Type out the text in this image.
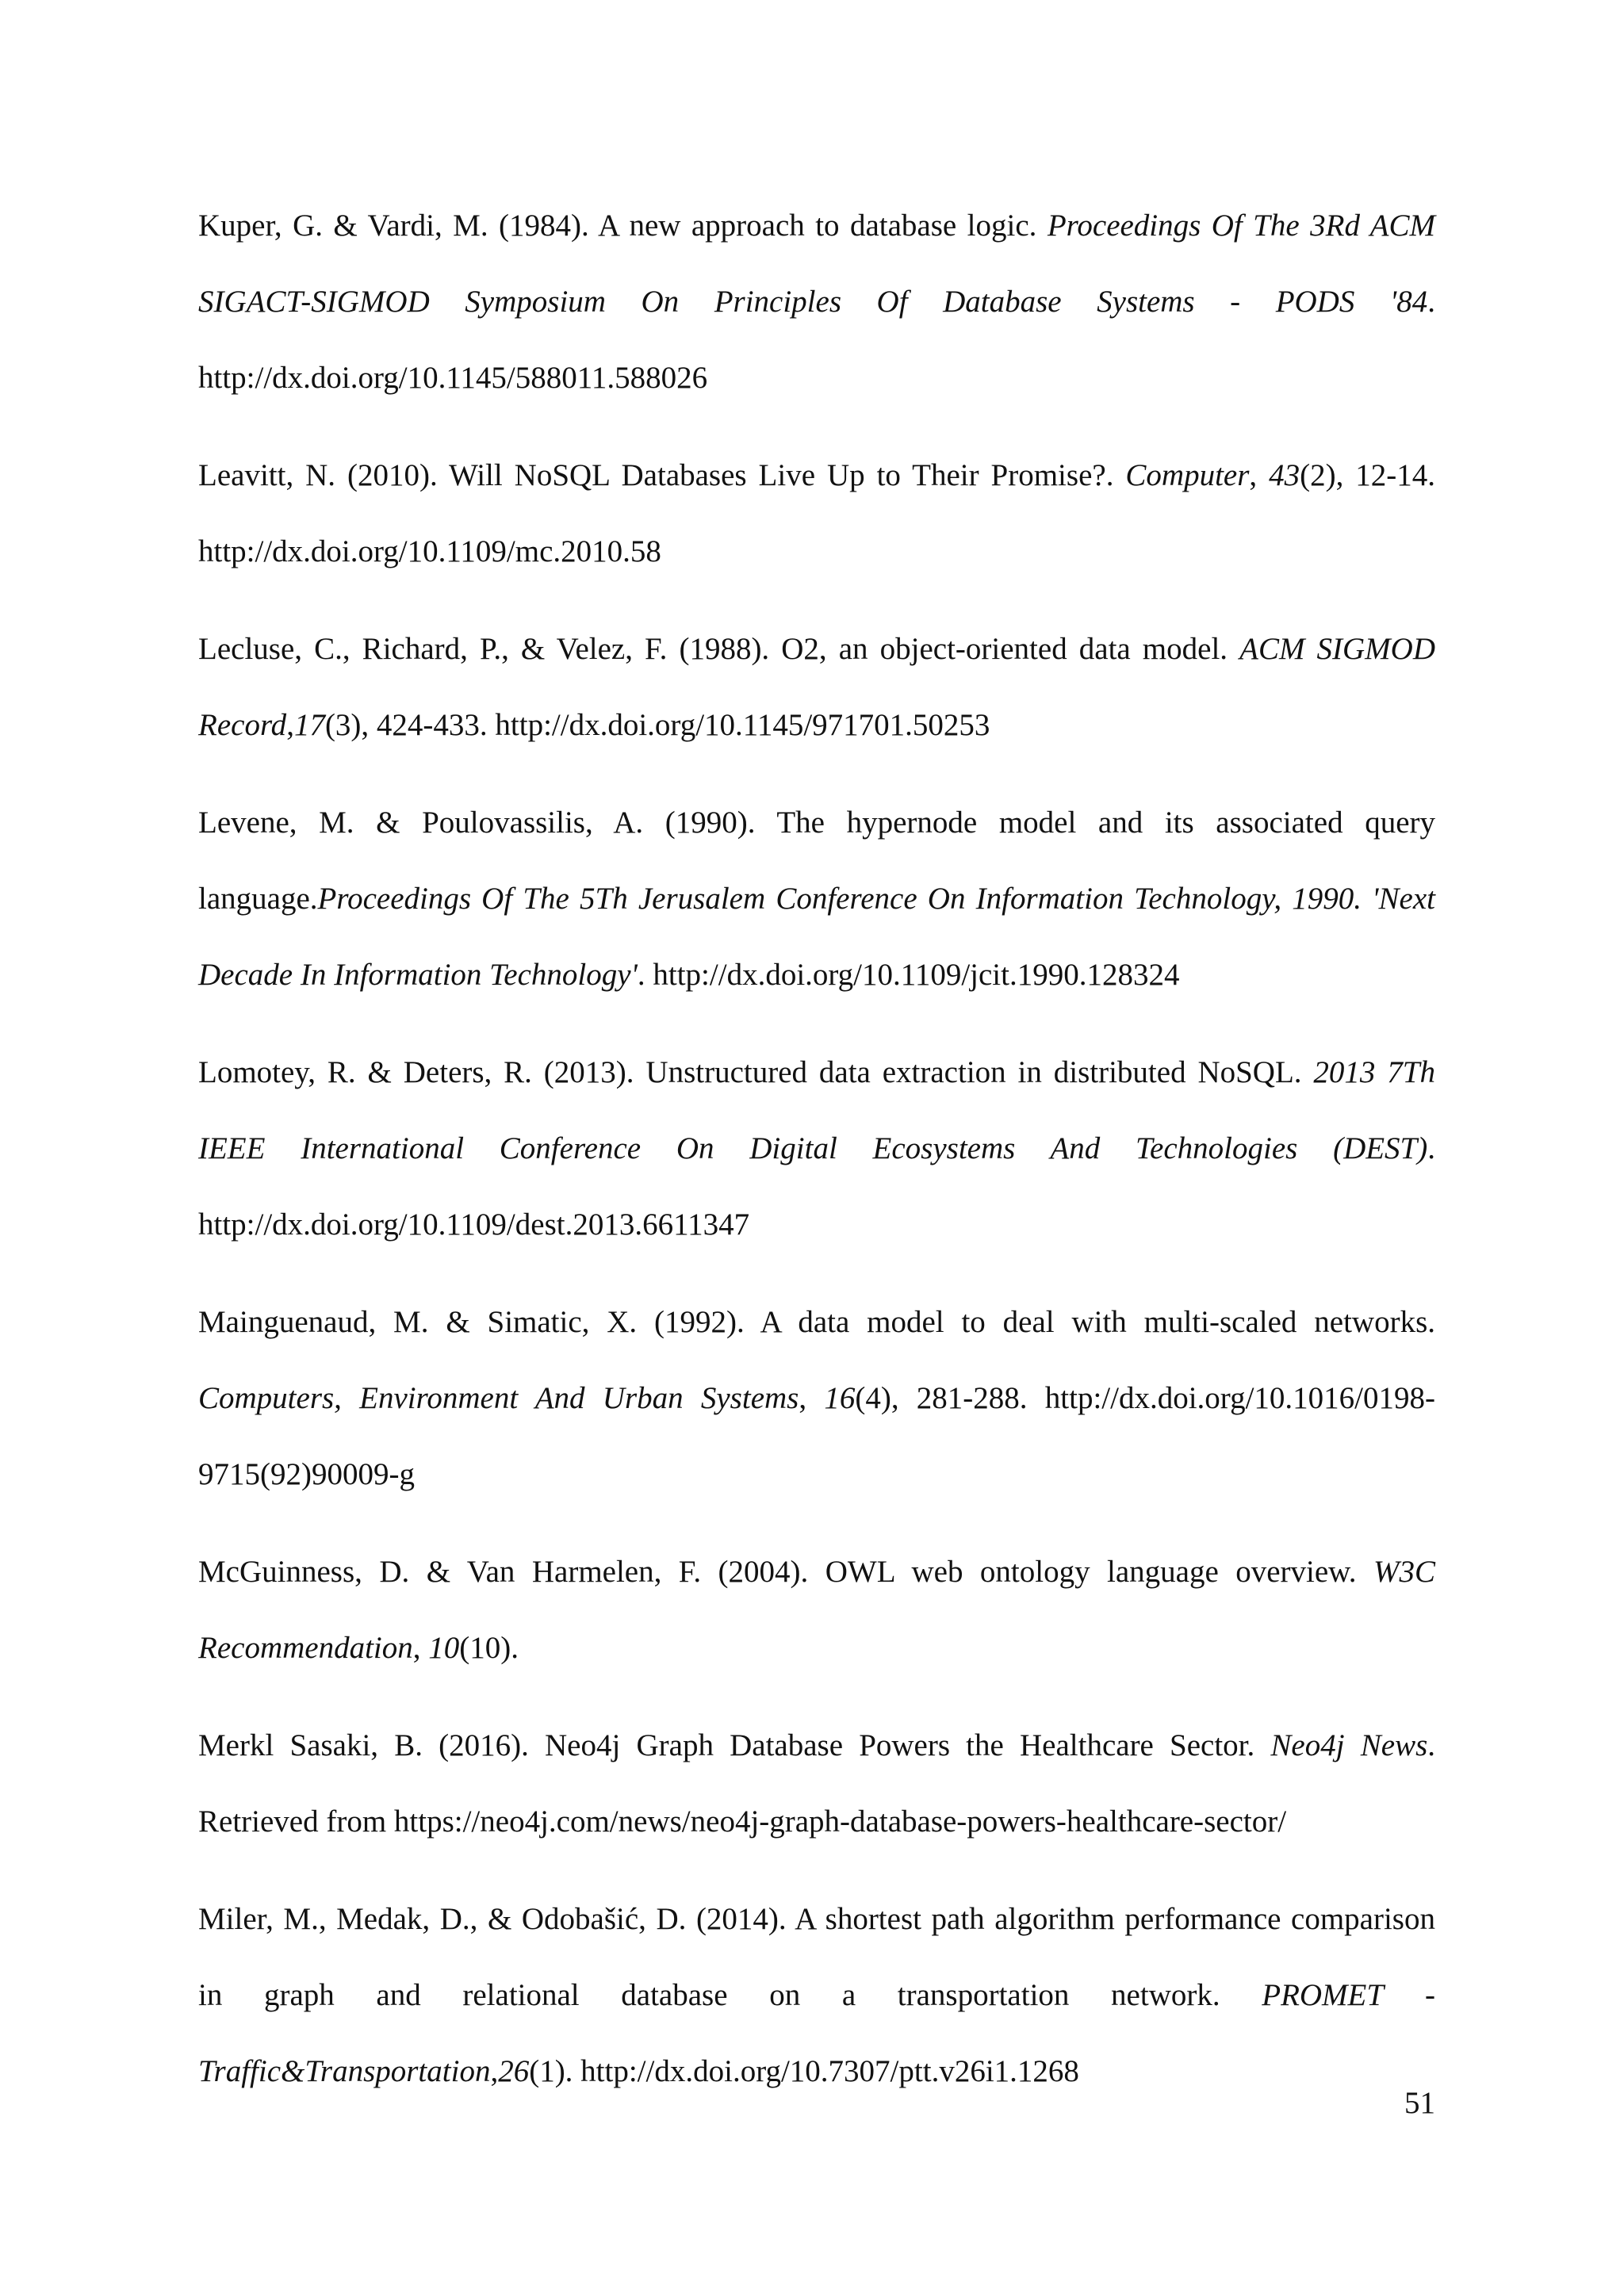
Kuper, G. & Vardi, M. (1984). A new approach to database logic. Proceedings Of The 3Rd ACM SIGACT-SIGMOD Symposium On Principles Of Database Systems - PODS '84. http://dx.doi.org/10.1145/588011.588026

Leavitt, N. (2010). Will NoSQL Databases Live Up to Their Promise?. Computer, 43(2), 12-14. http://dx.doi.org/10.1109/mc.2010.58

Lecluse, C., Richard, P., & Velez, F. (1988). O2, an object-oriented data model. ACM SIGMOD Record,17(3), 424-433. http://dx.doi.org/10.1145/971701.50253

Levene, M. & Poulovassilis, A. (1990). The hypernode model and its associated query language.Proceedings Of The 5Th Jerusalem Conference On Information Technology, 1990. 'Next Decade In Information Technology'. http://dx.doi.org/10.1109/jcit.1990.128324

Lomotey, R. & Deters, R. (2013). Unstructured data extraction in distributed NoSQL. 2013 7Th IEEE International Conference On Digital Ecosystems And Technologies (DEST). http://dx.doi.org/10.1109/dest.2013.6611347

Mainguenaud, M. & Simatic, X. (1992). A data model to deal with multi-scaled networks. Computers, Environment And Urban Systems, 16(4), 281-288. http://dx.doi.org/10.1016/0198-9715(92)90009-g

McGuinness, D. & Van Harmelen, F. (2004). OWL web ontology language overview. W3C Recommendation, 10(10).

Merkl Sasaki, B. (2016). Neo4j Graph Database Powers the Healthcare Sector. Neo4j News. Retrieved from https://neo4j.com/news/neo4j-graph-database-powers-healthcare-sector/

Miler, M., Medak, D., & Odobašić, D. (2014). A shortest path algorithm performance comparison in graph and relational database on a transportation network. PROMET - Traffic&Transportation,26(1). http://dx.doi.org/10.7307/ptt.v26i1.1268

51
